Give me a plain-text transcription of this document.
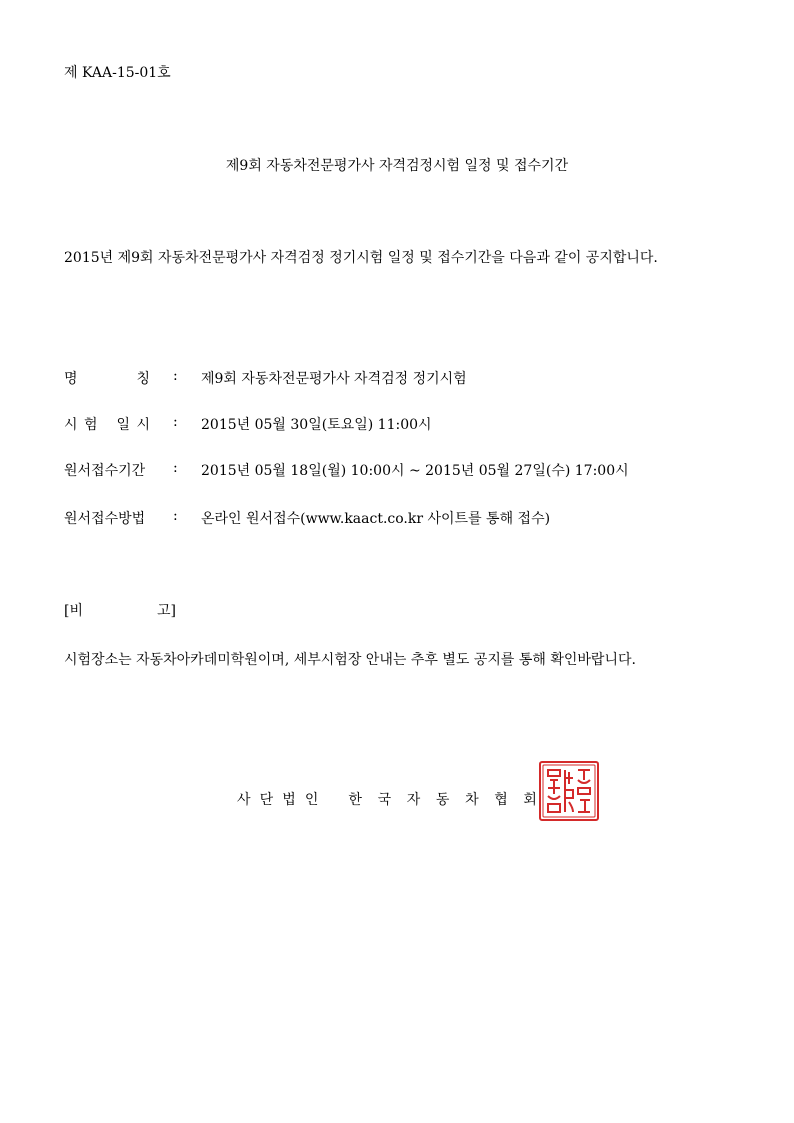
제 KAA-15-01호
제9회 자동차전문평가사 자격검정시험 일정 및 접수기간
2015년 제9회 자동차전문평가사 자격검정 정기시험 일정 및 접수기간을 다음과 같이 공지합니다.
명	칭 : 제9회 자동차전문평가사 자격검정 정기시험
시 험 일 시 : 2015년 05월 30일(토요일) 11:00시
원서접수기간 : 2015년 05월 18일(월) 10:00시 ~ 2015년 05월 27일(수) 17:00시
원서접수방법 : 온라인 원서접수(www.kaact.co.kr 사이트를 통해 접수)
[비	고]
시험장소는 자동차아카데미학원이며, 세부시험장 안내는 추후 별도 공지를 통해 확인바랍니다.
사 단 법 인 한 국 자 동 차 협 회
